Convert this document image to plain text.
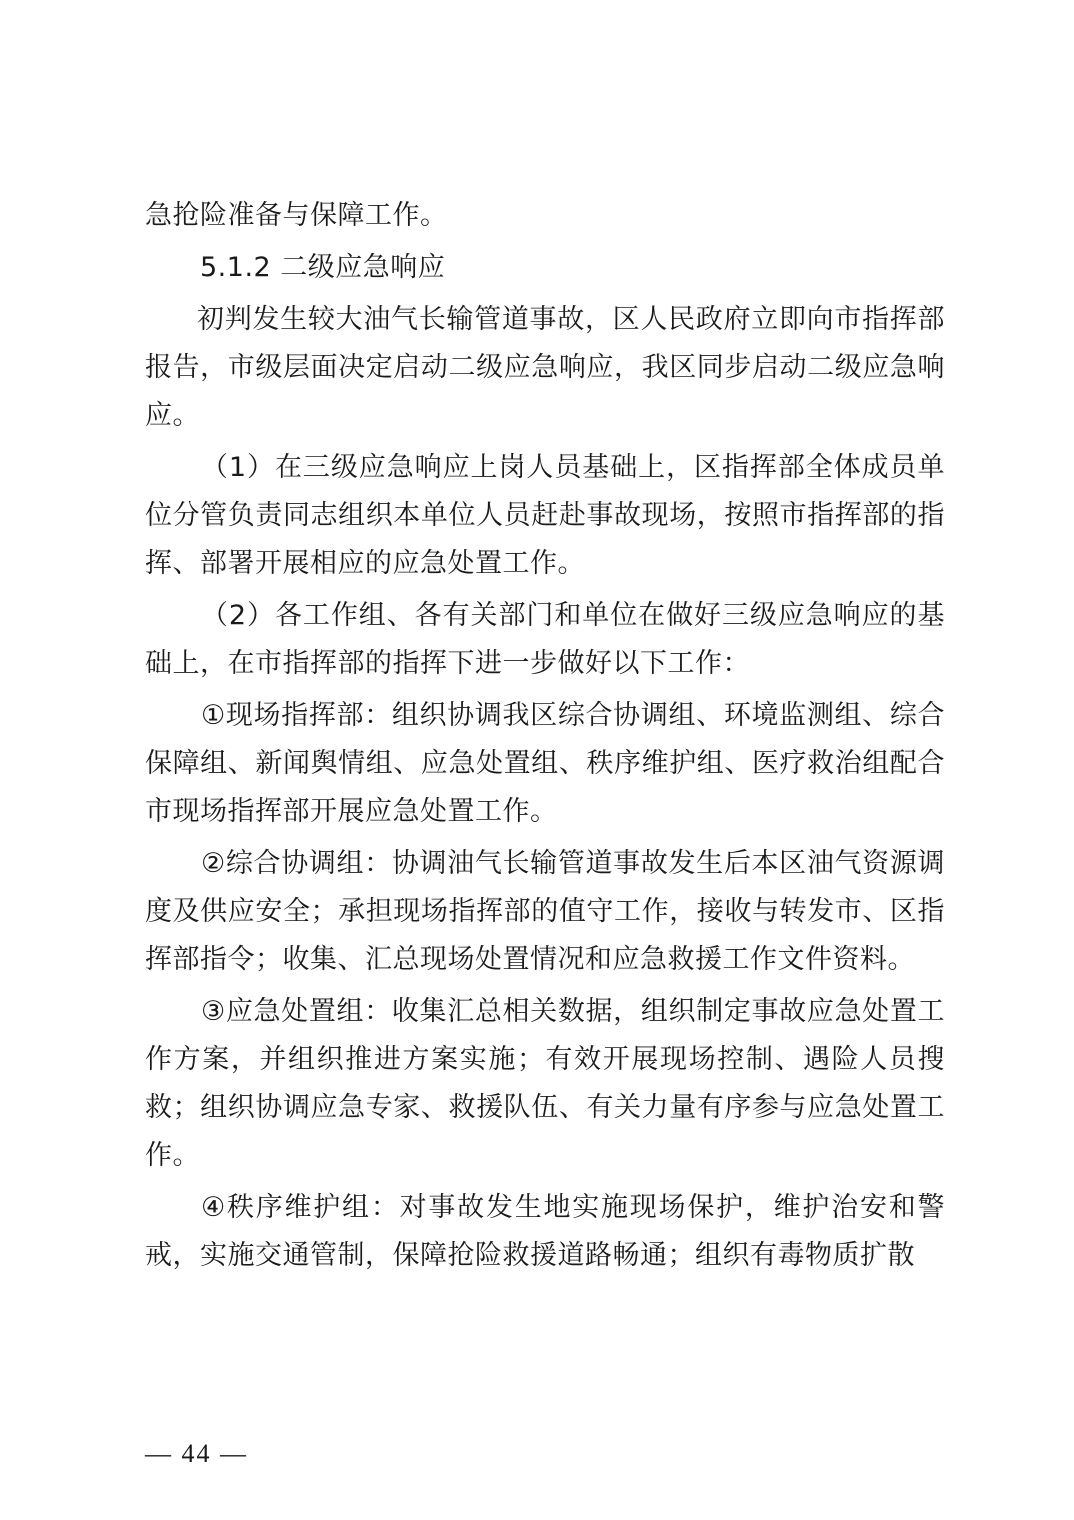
急抢险准备与保障工作。

5.1.2 二级应急响应

初判发生较大油气长输管道事故，区人民政府立即向市指挥部报告，市级层面决定启动二级应急响应，我区同步启动二级应急响应。

（1）在三级应急响应上岗人员基础上，区指挥部全体成员单位分管负责同志组织本单位人员赶赴事故现场，按照市指挥部的指挥、部署开展相应的应急处置工作。

（2）各工作组、各有关部门和单位在做好三级应急响应的基础上，在市指挥部的指挥下进一步做好以下工作：

①现场指挥部：组织协调我区综合协调组、环境监测组、综合保障组、新闻舆情组、应急处置组、秩序维护组、医疗救治组配合市现场指挥部开展应急处置工作。

②综合协调组：协调油气长输管道事故发生后本区油气资源调度及供应安全；承担现场指挥部的值守工作，接收与转发市、区指挥部指令；收集、汇总现场处置情况和应急救援工作文件资料。

③应急处置组：收集汇总相关数据，组织制定事故应急处置工作方案，并组织推进方案实施；有效开展现场控制、遇险人员搜救；组织协调应急专家、救援队伍、有关力量有序参与应急处置工作。

④秩序维护组：对事故发生地实施现场保护，维护治安和警戒，实施交通管制，保障抢险救援道路畅通；组织有毒物质扩散

— 44 —
